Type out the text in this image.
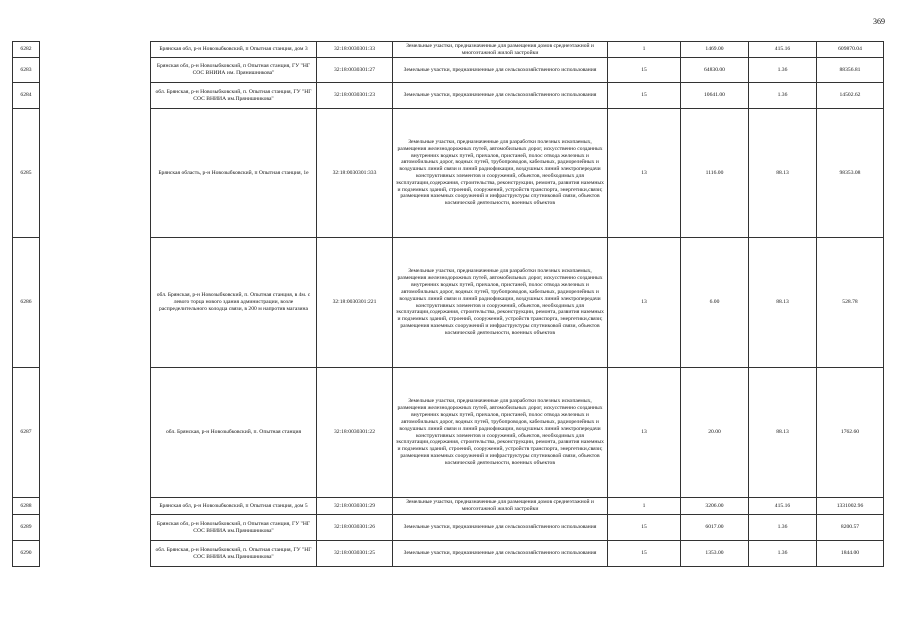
369
6282		Брянская обл, р-н Новозыбковский, п Опытная станция, дом 3	32:18:0030301:33	Земельные участки, предназначенные для размещения домов среднеэтажной и многоэтажной жилой застройки	1	1469.00	415.16	609870.04
6283		Брянская обл, р-н Новозыбковский, п Опытная станция, ГУ "НГ СОС ВНИИА им. Прянишникова"	32:18:0030301:27	Земельные участки, предназначенные для сельскохозяйственного использования	15	64830.00	1.36	88356.81
6284		обл. Брянская, р-н Новозыбковский, п. Опытная станция, ГУ "НГ СОС ВНИИА им.Прянишникова"	32:18:0030301:23	Земельные участки, предназначенные для сельскохозяйственного использования	15	10641.00	1.36	14502.62
6285		Брянская область, р-н Новозыбковский, п Опытная станция, 1е	32:18:0030301:333	Земельные участки, предназначенные для разработки полезных ископаемых, размещения железнодорожных путей, автомобильных дорог, искусственно созданных внутренних водных путей, причалов, пристаней, полос отвода железных и автомобильных дорог, водных путей, трубопроводов, кабельных, радиорелейных и воздушных линий связи и линий радиофикации, воздушных линий электропередачи конструктивных элементов и сооружений, объектов, необходимых для эксплуатации,содержания, строительства, реконструкции, ремонта, развития наземных и подземных зданий, строений, сооружений, устройств транспорта, энергетики,связи; размещения наземных сооружений и инфраструктуры спутниковой связи, объектов космической деятельности, военных объектов	13	1116.00	88.13	98353.08
6286		обл. Брянская, р-н Новозыбковский, п. Опытная станция, в 4м. с левого торца нового здания администрации, возле распределительного колодца связи, в 200 м напротив магазина	32:18:0030301:221	Земельные участки, предназначенные для разработки полезных ископаемых, размещения железнодорожных путей, автомобильных дорог, искусственно созданных внутренних водных путей, причалов, пристаней, полос отвода железных и автомобильных дорог, водных путей, трубопроводов, кабельных, радиорелейных и воздушных линий связи и линий радиофикации, воздушных линий электропередачи конструктивных элементов и сооружений, объектов, необходимых для эксплуатации,содержания, строительства, реконструкции, ремонта, развития наземных и подземных зданий, строений, сооружений, устройств транспорта, энергетики,связи; размещения наземных сооружений и инфраструктуры спутниковой связи, объектов космической деятельности, военных объектов	13	6.00	88.13	528.78
6287		обл. Брянская, р-н Новозыбковский, п. Опытная станция	32:18:0030301:22	Земельные участки, предназначенные для разработки полезных ископаемых, размещения железнодорожных путей, автомобильных дорог, искусственно созданных внутренних водных путей, причалов, пристаней, полос отвода железных и автомобильных дорог, водных путей, трубопроводов, кабельных, радиорелейных и воздушных линий связи и линий радиофикации, воздушных линий электропередачи конструктивных элементов и сооружений, объектов, необходимых для эксплуатации,содержания, строительства, реконструкции, ремонта, развития наземных и подземных зданий, строений, сооружений, устройств транспорта, энергетики,связи; размещения наземных сооружений и инфраструктуры спутниковой связи, объектов космической деятельности, военных объектов	13	20.00	88.13	1762.60
6288		Брянская обл, р-н Новозыбковский, п Опытная станция, дом 5	32:18:0030301:29	Земельные участки, предназначенные для размещения домов среднеэтажной и многоэтажной жилой застройки	1	3206.00	415.16	1331002.96
6289		Брянская обл, р-н Новозыбковский, п Опытная станция, ГУ "НГ СОС ВНИИА им.Прянишникова"	32:18:0030301:26	Земельные участки, предназначенные для сельскохозяйственного использования	15	6017.00	1.36	8200.57
6290		обл. Брянская, р-н Новозыбковский, п. Опытная станция, ГУ "НГ СОС ВНИИА им.Прянишникова"	32:18:0030301:25	Земельные участки, предназначенные для сельскохозяйственного использования	15	1353.00	1.36	1844.00
